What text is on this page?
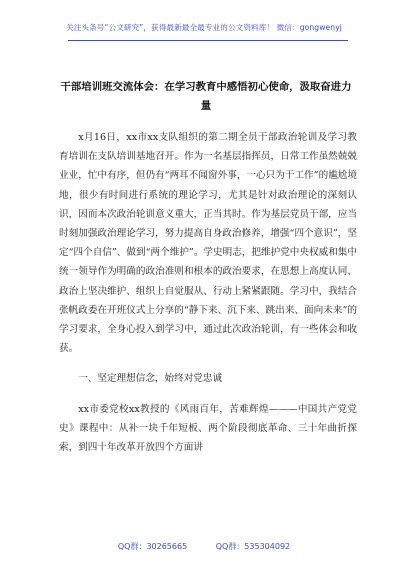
关注头条号“公文研究”，获得最新最全最专业的公文资料库！ 微信：gongwenyj
干部培训班交流体会：在学习教育中感悟初心使命，汲取奋进力量

x月16日，xx市xx支队组织的第二期全员干部政治轮训及学习教育培训在支队培训基地召开。作为一名基层指挥员，日常工作虽然兢兢业业，忙中有序，但仍有“两耳不闻窗外事，一心只为干工作”的尴尬境地，很少有时间进行系统的理论学习，尤其是针对政治理论的深刻认识，因而本次政治轮训意义重大，正当其时。作为基层党员干部，应当时刻加强政治理论学习，努力提高自身政治修养，增强“四个意识”，坚定“四个自信”、做到“两个维护”。学史明志，把维护党中央权威和集中统一领导作为明确的政治准则和根本的政治要求，在思想上高度认同、政治上坚决维护、组织上自觉服从、行动上紧紧跟随。学习中，我结合张帆政委在开班仪式上分享的“静下来、沉下来、跳出来、面向未来”的学习要求，全身心投入到学习中，通过此次政治轮训，有一些体会和收获。

一、坚定理想信念，始终对党忠诚

xx市委党校xx教授的《风雨百年，苦难辉煌———中国共产党党史》课程中：从补一块千年短板、两个阶段彻底革命、三十年曲折探索，到四十年改革开放四个方面讲

QQ群：30265665	QQ群：535304092
